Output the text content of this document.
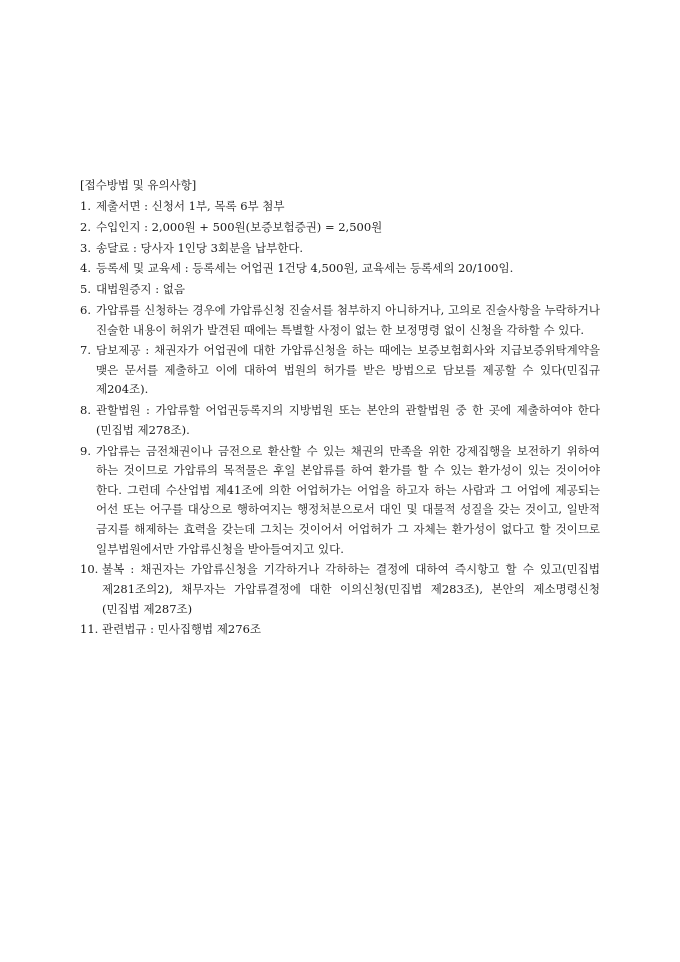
[접수방법 및 유의사항]
1. 제출서면 : 신청서 1부, 목록 6부 첨부
2. 수입인지 : 2,000원 + 500원(보증보험증권) = 2,500원
3. 송달료 : 당사자 1인당 3회분을 납부한다.
4. 등록세 및 교육세 : 등록세는 어업권 1건당 4,500원, 교육세는 등록세의 20/100임.
5. 대법원증지 : 없음
6. 가압류를 신청하는 경우에 가압류신청 진술서를 첨부하지 아니하거나, 고의로 진술사항을 누락하거나 진술한 내용이 허위가 발견된 때에는 특별할 사정이 없는 한 보정명령 없이 신청을 각하할 수 있다.
7. 담보제공 : 채권자가 어업권에 대한 가압류신청을 하는 때에는 보증보험회사와 지급보증위탁계약을 맺은 문서를 제출하고 이에 대하여 법원의 허가를 받은 방법으로 담보를 제공할 수 있다(민집규 제204조).
8. 관할법원 : 가압류할 어업권등록지의 지방법원 또는 본안의 관할법원 중 한 곳에 제출하여야 한다(민집법 제278조).
9. 가압류는 금전채권이나 금전으로 환산할 수 있는 채권의 만족을 위한 강제집행을 보전하기 위하여 하는 것이므로 가압류의 목적물은 후일 본압류를 하여 환가를 할 수 있는 환가성이 있는 것이어야 한다. 그런데 수산업법 제41조에 의한 어업허가는 어업을 하고자 하는 사람과 그 어업에 제공되는 어선 또는 어구를 대상으로 행하여지는 행정처분으로서 대인 및 대물적 성질을 갖는 것이고, 일반적 금지를 해제하는 효력을 갖는데 그치는 것이어서 어업허가 그 자체는 환가성이 없다고 할 것이므로 일부법원에서만 가압류신청을 받아들여지고 있다.
10. 불복 : 채권자는 가압류신청을 기각하거나 각하하는 결정에 대하여 즉시항고 할 수 있고(민집법 제281조의2), 채무자는 가압류결정에 대한 이의신청(민집법 제283조), 본안의 제소명령신청(민집법 제287조)
11. 관련법규 : 민사집행법 제276조
